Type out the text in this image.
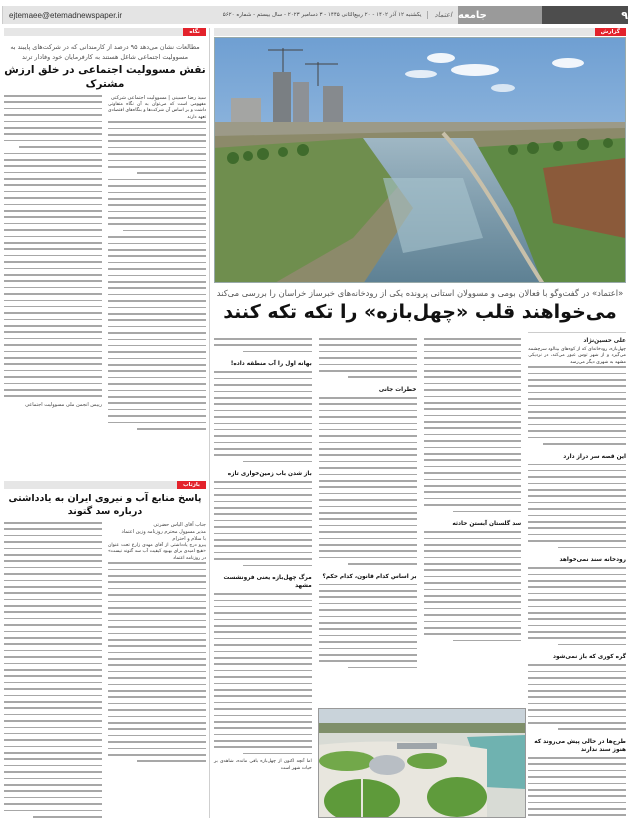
اعتماد
یکشنبه ۱۲ آذر ۱۴۰۲ - ۲۰ ربیع‌الثانی ۱۴۴۵ - ۳ دسامبر ۲۰۲۳ - سال بیستم - شماره ۵۶۲۰
ejtemaee@etemadnewspaper.ir	جامعه	۹
گزارش
نگاه
مطالعات نشان می‌دهد ۹۵ درصد از کارمندانی که در شرکت‌های پایبند به مسوولیت اجتماعی شاغل هستند به کارفرمایان خود وفادار ترند
نقش مسوولیت اجتماعی در خلق ارزش مشترک
سید رضا حسینی | مسوولیت اجتماعی شرکتی
مفهومی است که می‌توان به آن نگاه متفاوتی داشت و بر اساس آن شرکت‌ها و بنگاه‌های اقتصادی تعهد دارند
رییس انجمن ملی مسوولیت اجتماعی
بازتاب
پاسخ منابع آب و نیروی ایران به یادداشتی درباره سد گتوند
جناب آقای الیاس حضرتی
مدیر مسوول محترم روزنامه وزین اعتماد
با سلام و احترام
پیرو درج یادداشتی از آقای مهدی زارع تحت عنوان «هیچ امیدی برای بهبود کیفیت آب سد گتوند نیست» در روزنامه اعتماد
«اعتماد» در گفت‌وگو با فعالان بومی و مسوولان استانی پرونده یکی از رودخانه‌های خبرساز خراسان را بررسی می‌کند
می‌خواهند قلب «چهل‌بازه» را تکه تکه کنند
علی حسین‌نژاد
چهل‌بازه، رودخانه‌ای که از کوه‌های بینالود سرچشمه می‌گیرد و از شهر توس عبور می‌کند، در نزدیکی مشهد به شهری دیگر می‌رسد
این قصه سر دراز دارد
رودخانه سند نمی‌خواهد
گره کوری که باز نمی‌شود
طرح‌ها در حالی پیش می‌روند که هنوز سند ندارند
سد گلستان آبستن حادثه
خطرات جانی
بر اساس کدام قانون، کدام حکم؟
بهانه اول را آب منطقه داده!
باز شدن باب زمین‌خواری تازه
مرگ چهل‌بازه یعنی فرونشست مشهد
اما آنچه اکنون از چهل‌بازه باقی مانده، شاهدی بر حیات شهر است
